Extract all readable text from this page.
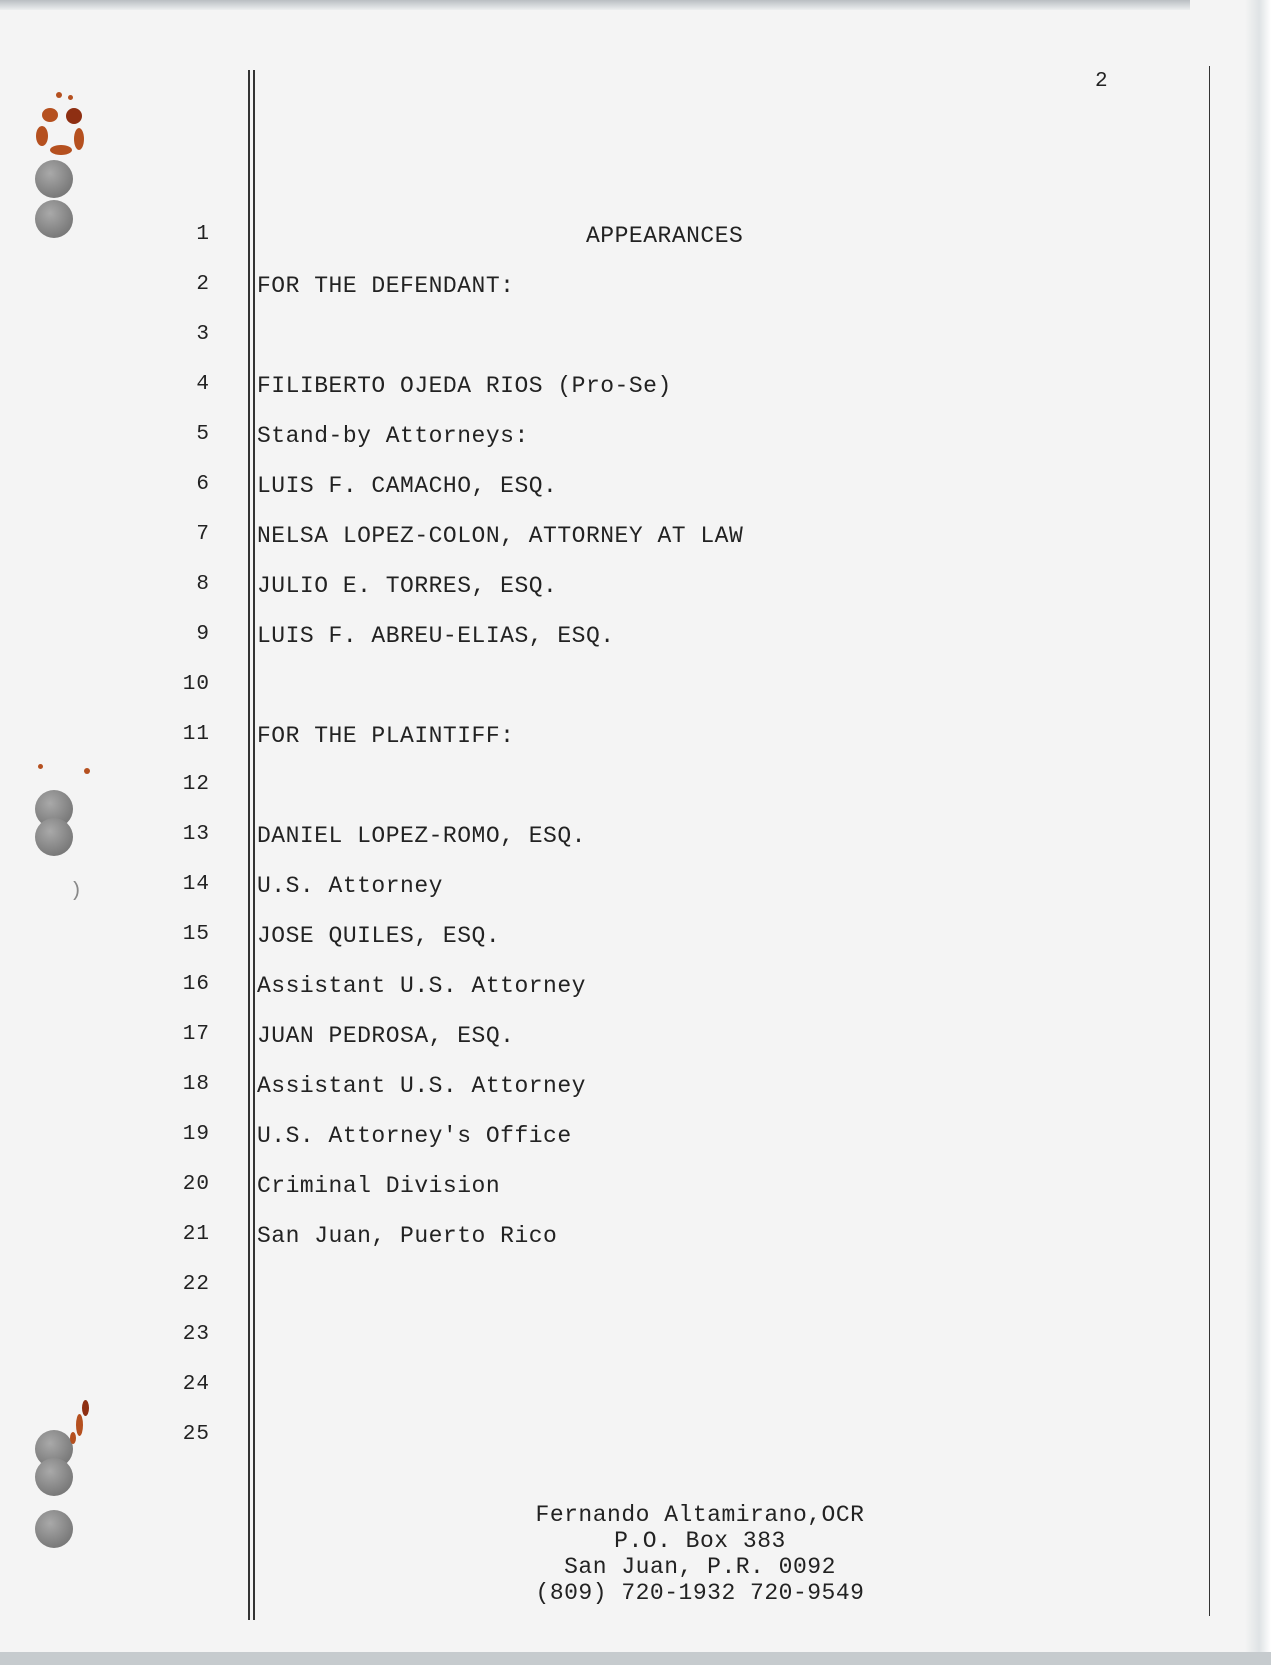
)
2
1	APPEARANCES
2 FOR THE DEFENDANT:
3
4 FILIBERTO OJEDA RIOS (Pro-Se)
5 Stand-by Attorneys:
6 LUIS F. CAMACHO, ESQ.
7 NELSA LOPEZ-COLON, ATTORNEY AT LAW
8 JULIO E. TORRES, ESQ.
9 LUIS F. ABREU-ELIAS, ESQ.
10
11 FOR THE PLAINTIFF:
12
13 DANIEL LOPEZ-ROMO, ESQ.
14 U.S. Attorney
15 JOSE QUILES, ESQ.
16 Assistant U.S. Attorney
17 JUAN PEDROSA, ESQ.
18 Assistant U.S. Attorney
19 U.S. Attorney's Office
20 Criminal Division
21 San Juan, Puerto Rico
22
23
24
25
Fernando Altamirano,OCR
P.O. Box 383
San Juan, P.R. 0092
(809) 720-1932 720-9549
